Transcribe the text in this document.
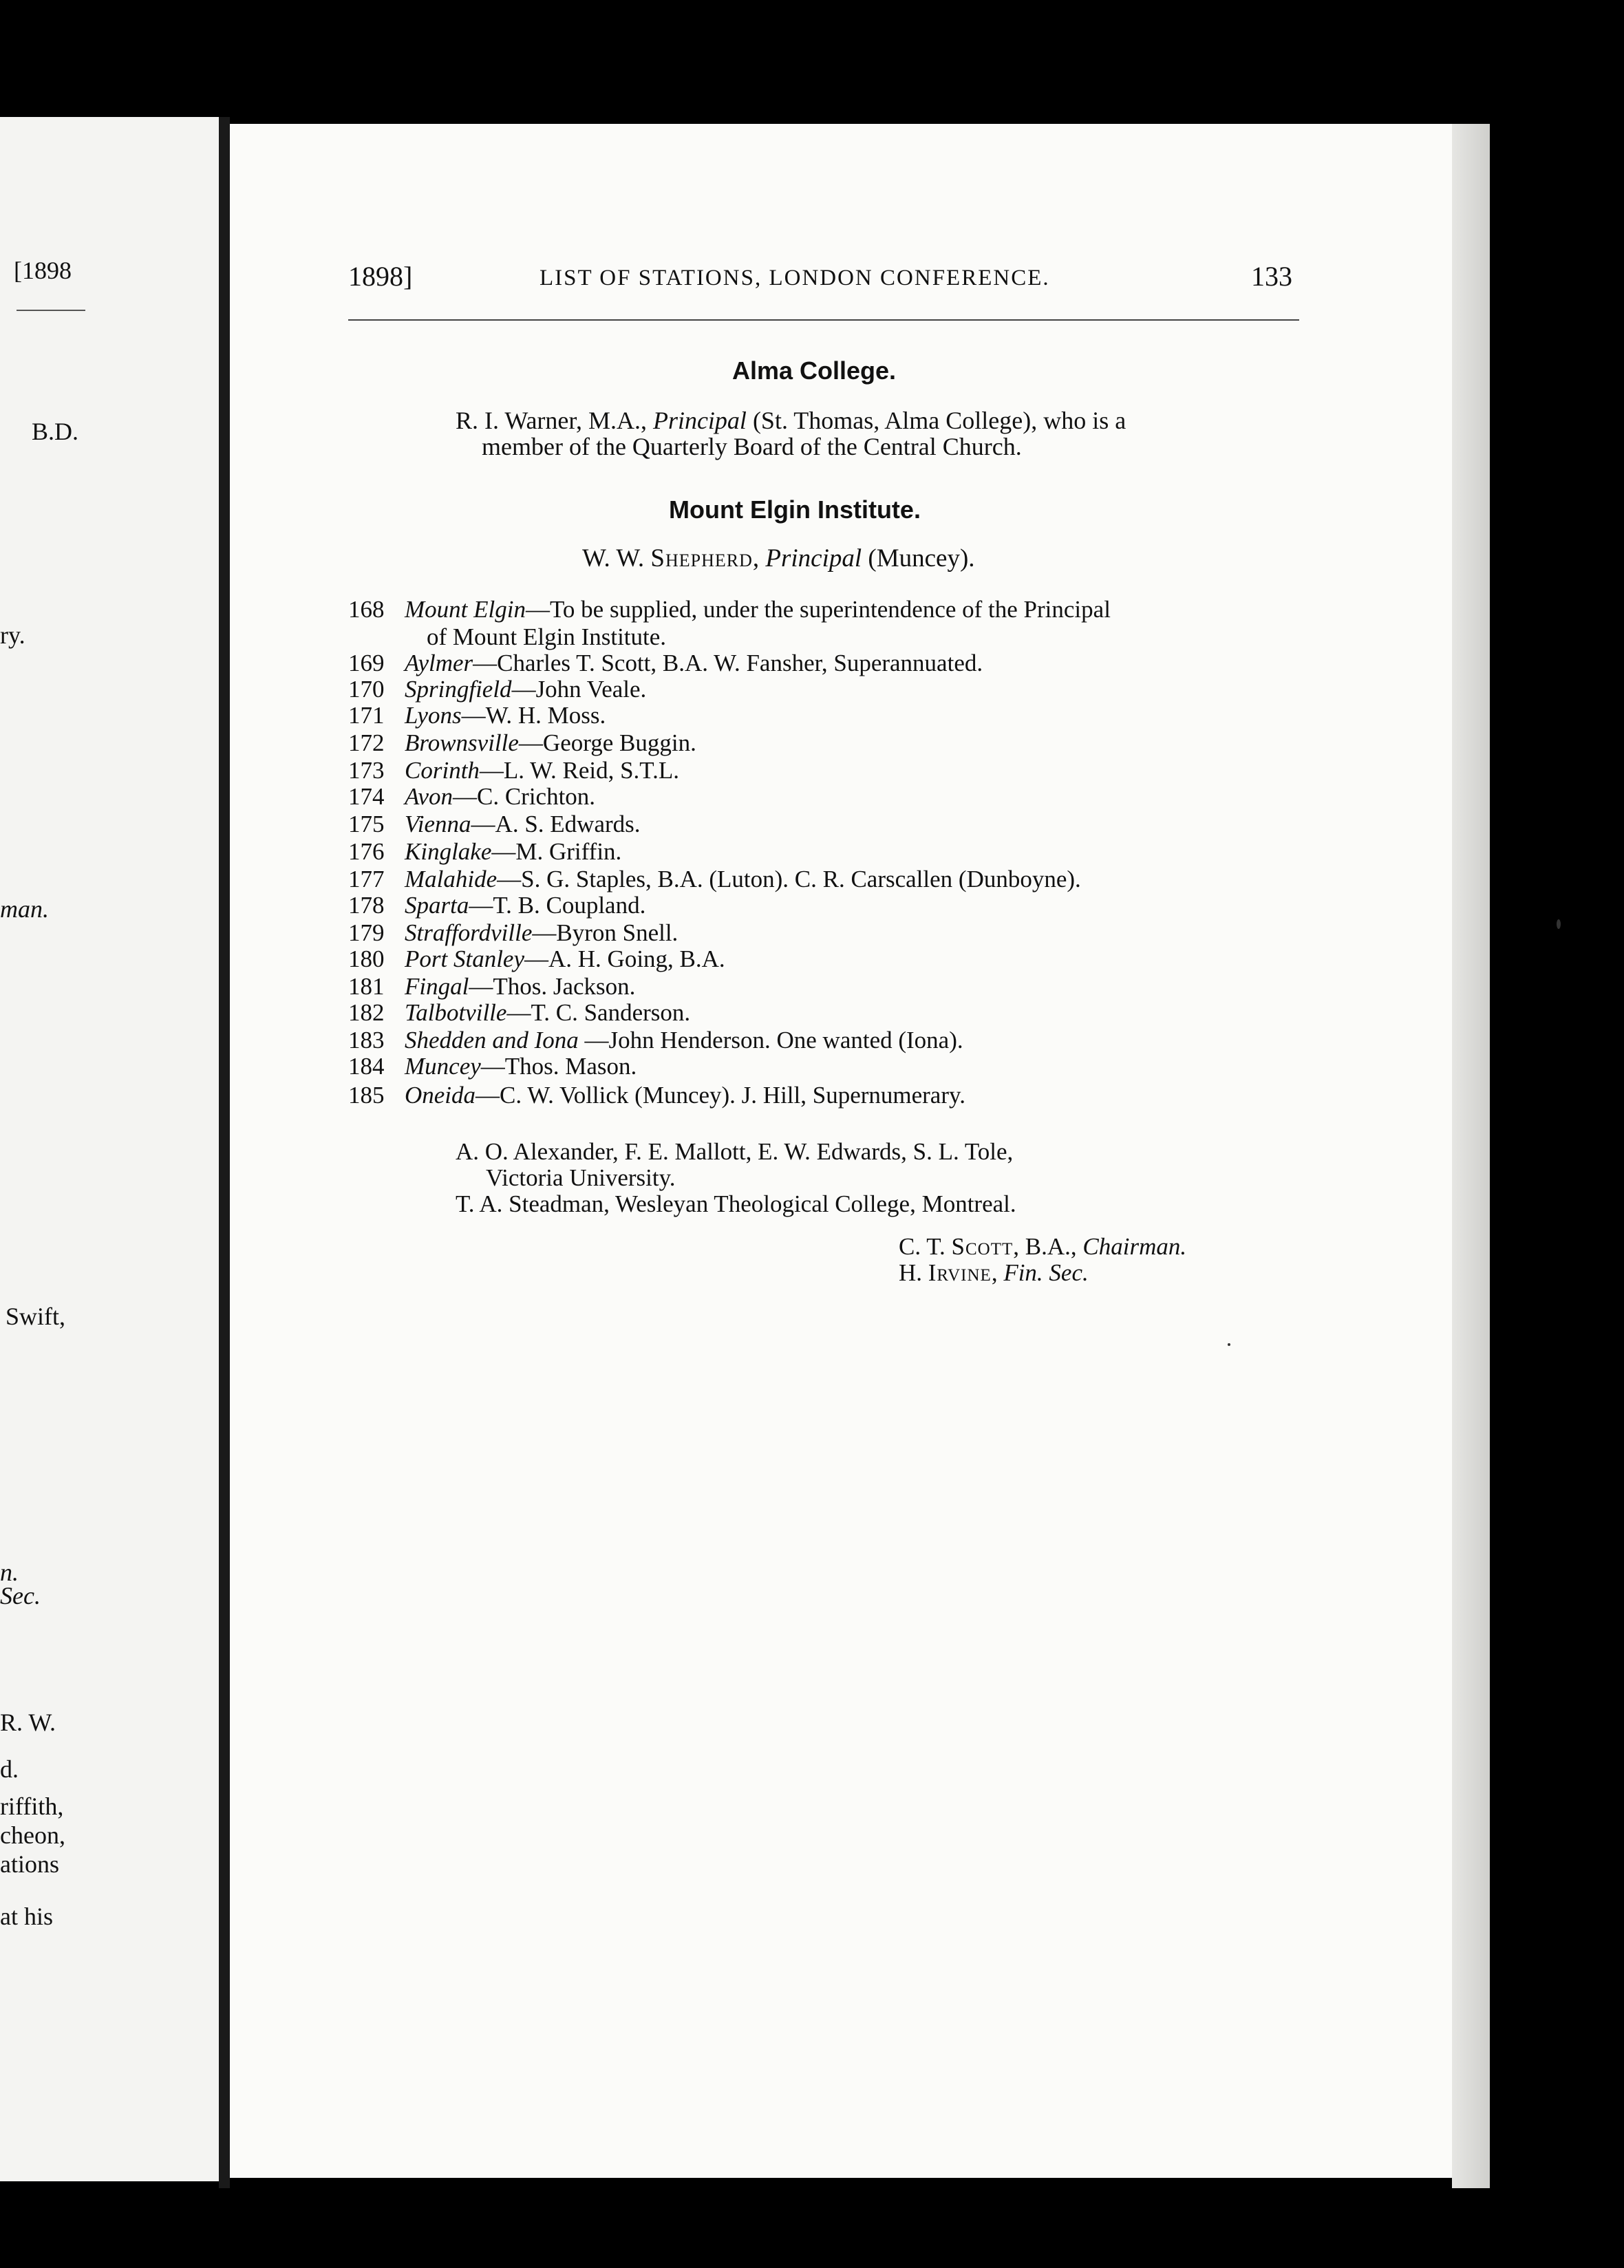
[1898
B.D.
ry.
man.
Swift,
n.
Sec.
R. W.
d.
riffith,
cheon,
ations
at his
1898]	LIST OF STATIONS, LONDON CONFERENCE.	133
Alma College.
R. I. Warner, M.A., Principal (St. Thomas, Alma College), who is a
member of the Quarterly Board of the Central Church.
Mount Elgin Institute.
W. W. Shepherd, Principal (Muncey).
168 Mount Elgin—To be supplied, under the superintendence of the Principal
169 Aylmer—Charles T. Scott, B.A. W. Fansher, Superannuated.
170 Springfield—John Veale.
171 Lyons—W. H. Moss.
172 Brownsville—George Buggin.
173 Corinth—L. W. Reid, S.T.L.
174 Avon—C. Crichton.
175 Vienna—A. S. Edwards.
176 Kinglake—M. Griffin.
177 Malahide—S. G. Staples, B.A. (Luton). C. R. Carscallen (Dunboyne).
178 Sparta—T. B. Coupland.
179 Straffordville—Byron Snell.
180 Port Stanley—A. H. Going, B.A.
181 Fingal—Thos. Jackson.
182 Talbotville—T. C. Sanderson.
183 Shedden and Iona —John Henderson. One wanted (Iona).
184 Muncey—Thos. Mason.
185 Oneida—C. W. Vollick (Muncey). J. Hill, Supernumerary.
of Mount Elgin Institute.
A. O. Alexander, F. E. Mallott, E. W. Edwards, S. L. Tole,
Victoria University.
T. A. Steadman, Wesleyan Theological College, Montreal.
C. T. Scott, B.A., Chairman.
H. Irvine, Fin. Sec.
